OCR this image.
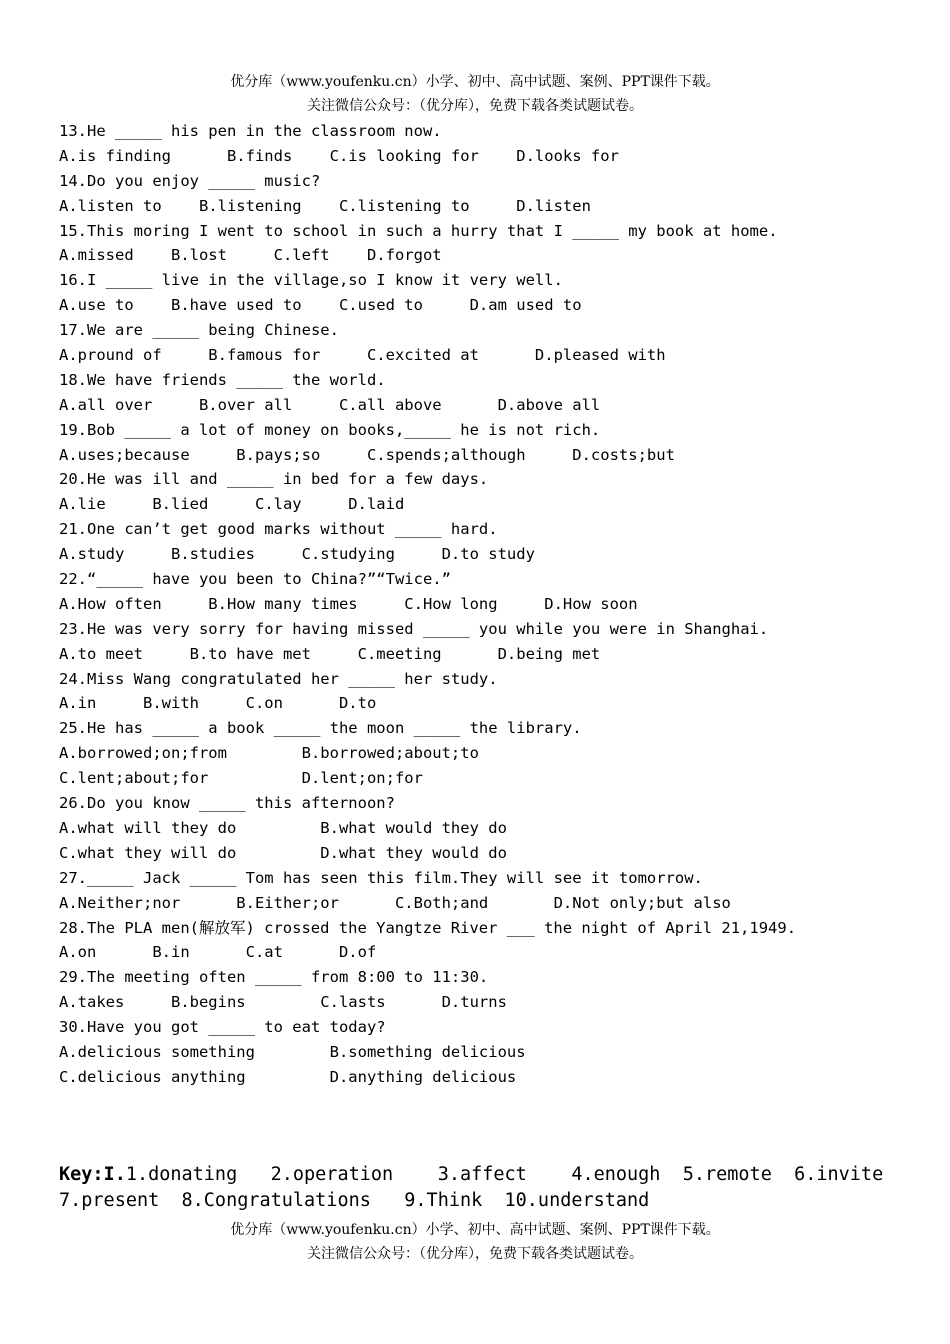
优分库（www.youfenku.cn）小学、初中、高中试题、案例、PPT课件下载。
关注微信公众号：（优分库），免费下载各类试题试卷。
13.He _____ his pen in the classroom now.
A.is finding      B.finds    C.is looking for    D.looks for
14.Do you enjoy _____ music?
A.listen to    B.listening    C.listening to     D.listen
15.This moring I went to school in such a hurry that I _____ my book at home.
A.missed    B.lost     C.left    D.forgot
16.I _____ live in the village,so I know it very well.
A.use to    B.have used to    C.used to     D.am used to
17.We are _____ being Chinese.
A.pround of     B.famous for     C.excited at      D.pleased with
18.We have friends _____ the world.
A.all over     B.over all     C.all above      D.above all
19.Bob _____ a lot of money on books,_____ he is not rich.
A.uses;because     B.pays;so     C.spends;although     D.costs;but
20.He was ill and _____ in bed for a few days.
A.lie     B.lied     C.lay     D.laid
21.One can’t get good marks without _____ hard.
A.study     B.studies     C.studying     D.to study
22.“_____ have you been to China?”“Twice.”
A.How often     B.How many times     C.How long     D.How soon
23.He was very sorry for having missed _____ you while you were in Shanghai.
A.to meet     B.to have met     C.meeting      D.being met
24.Miss Wang congratulated her _____ her study.
A.in     B.with     C.on      D.to
25.He has _____ a book _____ the moon _____ the library.
A.borrowed;on;from        B.borrowed;about;to
C.lent;about;for          D.lent;on;for
26.Do you know _____ this afternoon?
A.what will they do         B.what would they do
C.what they will do         D.what they would do
27._____ Jack _____ Tom has seen this film.They will see it tomorrow.
A.Neither;nor      B.Either;or      C.Both;and       D.Not only;but also
28.The PLA men(解放军) crossed the Yangtze River ___ the night of April 21,1949.
A.on      B.in      C.at      D.of
29.The meeting often _____ from 8:00 to 11:30.
A.takes     B.begins        C.lasts      D.turns
30.Have you got _____ to eat today?
A.delicious something        B.something delicious
C.delicious anything         D.anything delicious
Key:I.1.donating   2.operation    3.affect    4.enough  5.remote  6.invite
7.present  8.Congratulations   9.Think  10.understand
优分库（www.youfenku.cn）小学、初中、高中试题、案例、PPT课件下载。
关注微信公众号：（优分库），免费下载各类试题试卷。
